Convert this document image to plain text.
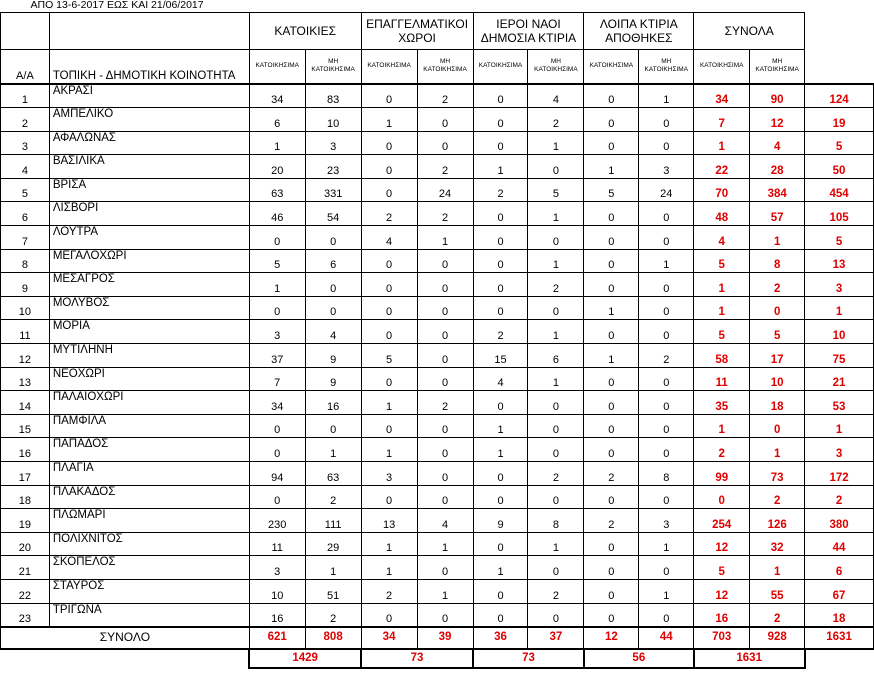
ΑΠΟ 13-6-2017 ΕΩΣ ΚΑΙ 21/06/2017												
		ΚΑΤΟΙΚΙΕΣ		ΕΠΑΓΓΕΛΜΑΤΙΚΟΙ ΧΩΡΟΙ		ΙΕΡΟΙ ΝΑΟΙ ΔΗΜΟΣΙΑ ΚΤΙΡΙΑ		ΛΟΙΠΑ ΚΤΙΡΙΑ ΑΠΟΘΗΚΕΣ		ΣΥΝΟΛΑ		
Α/Α	ΤΟΠΙΚΗ - ΔΗΜΟΤΙΚΗ ΚΟΙΝΟΤΗΤΑ	ΚΑΤΟΙΚΗΣΙΜΑ	ΜΗ ΚΑΤΟΙΚΗΣΙΜΑ	ΚΑΤΟΙΚΗΣΙΜΑ	ΜΗ ΚΑΤΟΙΚΗΣΙΜΑ	ΚΑΤΟΙΚΗΣΙΜΑ	ΜΗ ΚΑΤΟΙΚΗΣΙΜΑ	ΚΑΤΟΙΚΗΣΙΜΑ	ΜΗ ΚΑΤΟΙΚΗΣΙΜΑ	ΚΑΤΟΙΚΗΣΙΜΑ	ΜΗ ΚΑΤΟΙΚΗΣΙΜΑ	
1	ΑΚΡΑΣΙ	34	83	0	2	0	4	0	1	34	90	124
2	ΑΜΠΕΛΙΚΟ	6	10	1	0	0	2	0	0	7	12	19
3	ΑΦΑΛΩΝΑΣ	1	3	0	0	0	1	0	0	1	4	5
4	ΒΑΣΙΛΙΚΑ	20	23	0	2	1	0	1	3	22	28	50
5	ΒΡΙΣΑ	63	331	0	24	2	5	5	24	70	384	454
6	ΛΙΣΒΟΡΙ	46	54	2	2	0	1	0	0	48	57	105
7	ΛΟΥΤΡΑ	0	0	4	1	0	0	0	0	4	1	5
8	ΜΕΓΑΛΟΧΩΡΙ	5	6	0	0	0	1	0	1	5	8	13
9	ΜΕΣΑΓΡΟΣ	1	0	0	0	0	2	0	0	1	2	3
10	ΜΟΛΥΒΟΣ	0	0	0	0	0	0	1	0	1	0	1
11	ΜΟΡΙΑ	3	4	0	0	2	1	0	0	5	5	10
12	ΜΥΤΙΛΗΝΗ	37	9	5	0	15	6	1	2	58	17	75
13	ΝΕΟΧΩΡΙ	7	9	0	0	4	1	0	0	11	10	21
14	ΠΑΛΑΙΟΧΩΡΙ	34	16	1	2	0	0	0	0	35	18	53
15	ΠΑΜΦΙΛΑ	0	0	0	0	1	0	0	0	1	0	1
16	ΠΑΠΑΔΟΣ	0	1	1	0	1	0	0	0	2	1	3
17	ΠΛΑΓΙΑ	94	63	3	0	0	2	2	8	99	73	172
18	ΠΛΑΚΑΔΟΣ	0	2	0	0	0	0	0	0	0	2	2
19	ΠΛΩΜΑΡΙ	230	111	13	4	9	8	2	3	254	126	380
20	ΠΟΛΙΧΝΙΤΟΣ	11	29	1	1	0	1	0	1	12	32	44
21	ΣΚΟΠΕΛΟΣ	3	1	1	0	1	0	0	0	5	1	6
22	ΣΤΑΥΡΟΣ	10	51	2	1	0	2	0	1	12	55	67
23	ΤΡΙΓΩΝΑ	16	2	0	0	0	0	0	0	16	2	18
ΣΥΝΟΛΟ		621	808	34	39	36	37	12	44	703	928	1631
		1429		73		73		56		1631		
